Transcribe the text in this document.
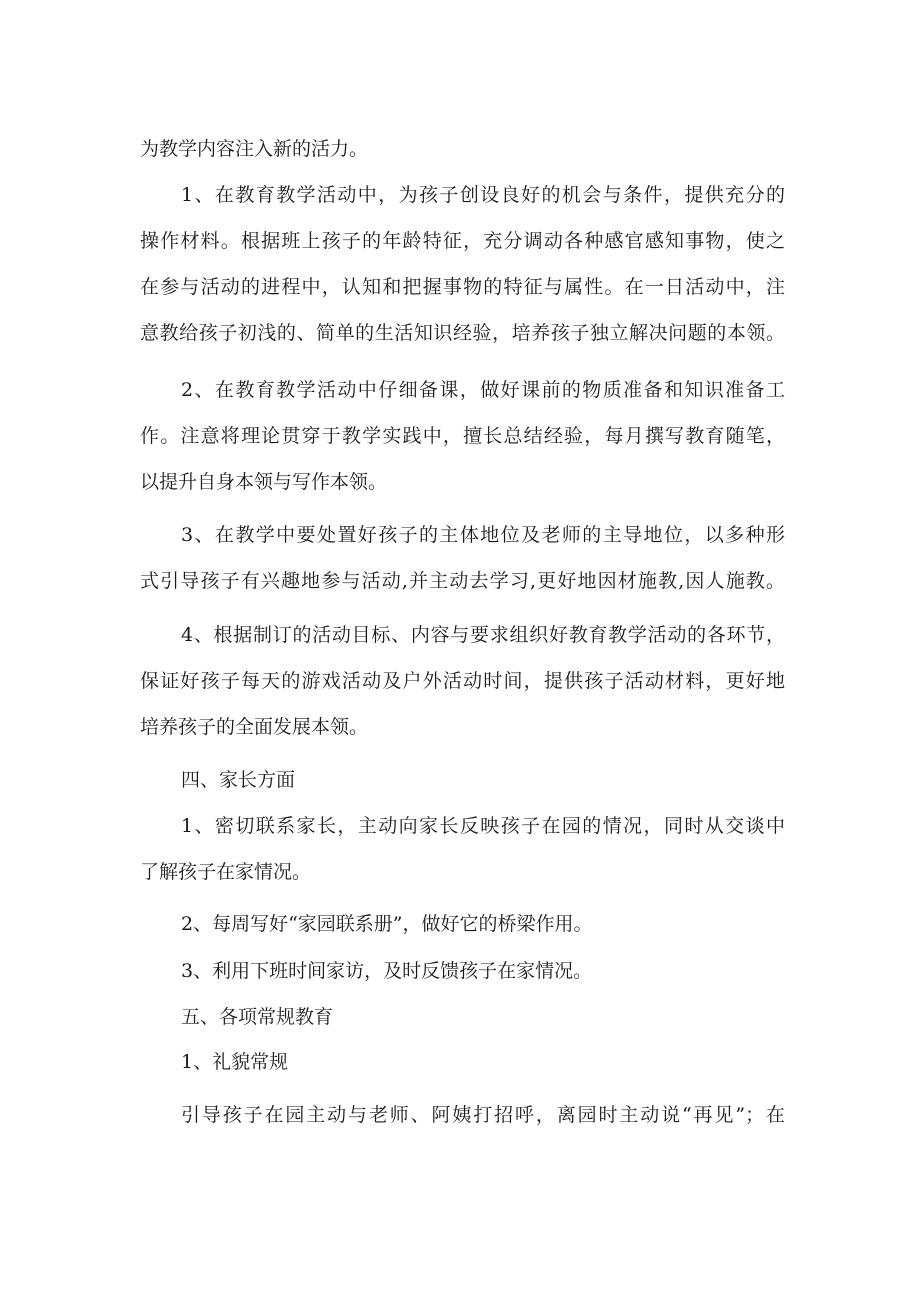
为教学内容注入新的活力。
1、在教育教学活动中，为孩子创设良好的机会与条件，提供充分的
操作材料。根据班上孩子的年龄特征，充分调动各种感官感知事物，使之
在参与活动的进程中，认知和把握事物的特征与属性。在一日活动中，注
意教给孩子初浅的、简单的生活知识经验，培养孩子独立解决问题的本领。
2、在教育教学活动中仔细备课，做好课前的物质准备和知识准备工
作。注意将理论贯穿于教学实践中，擅长总结经验，每月撰写教育随笔，
以提升自身本领与写作本领。
3、在教学中要处置好孩子的主体地位及老师的主导地位，以多种形
式引导孩子有兴趣地参与活动,并主动去学习,更好地因材施教,因人施教。
4、根据制订的活动目标、内容与要求组织好教育教学活动的各环节，
保证好孩子每天的游戏活动及户外活动时间，提供孩子活动材料，更好地
培养孩子的全面发展本领。
四、家长方面
1、密切联系家长，主动向家长反映孩子在园的情况，同时从交谈中
了解孩子在家情况。
2、每周写好“家园联系册”，做好它的桥梁作用。
3、利用下班时间家访，及时反馈孩子在家情况。
五、各项常规教育
1、礼貌常规
引导孩子在园主动与老师、阿姨打招呼，离园时主动说“再见”；在
